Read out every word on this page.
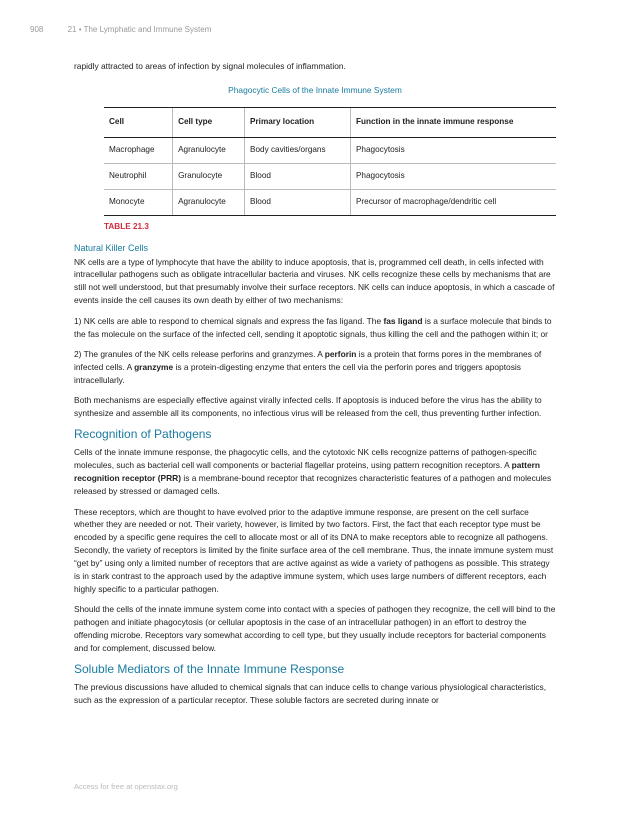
908	21 • The Lymphatic and Immune System

rapidly attracted to areas of infection by signal molecules of inflammation.

Phagocytic Cells of the Innate Immune System
Cell	Cell type	Primary location	Function in the innate immune response
Macrophage	Agranulocyte	Body cavities/organs	Phagocytosis
Neutrophil	Granulocyte	Blood	Phagocytosis
Monocyte	Agranulocyte	Blood	Precursor of macrophage/dendritic cell
TABLE 21.3
Natural Killer Cells

NK cells are a type of lymphocyte that have the ability to induce apoptosis, that is, programmed cell death, in cells infected with intracellular pathogens such as obligate intracellular bacteria and viruses. NK cells recognize these cells by mechanisms that are still not well understood, but that presumably involve their surface receptors. NK cells can induce apoptosis, in which a cascade of events inside the cell causes its own death by either of two mechanisms:

1) NK cells are able to respond to chemical signals and express the fas ligand. The fas ligand is a surface molecule that binds to the fas molecule on the surface of the infected cell, sending it apoptotic signals, thus killing the cell and the pathogen within it; or

2) The granules of the NK cells release perforins and granzymes. A perforin is a protein that forms pores in the membranes of infected cells. A granzyme is a protein-digesting enzyme that enters the cell via the perforin pores and triggers apoptosis intracellularly.

Both mechanisms are especially effective against virally infected cells. If apoptosis is induced before the virus has the ability to synthesize and assemble all its components, no infectious virus will be released from the cell, thus preventing further infection.

Recognition of Pathogens

Cells of the innate immune response, the phagocytic cells, and the cytotoxic NK cells recognize patterns of pathogen-specific molecules, such as bacterial cell wall components or bacterial flagellar proteins, using pattern recognition receptors. A pattern recognition receptor (PRR) is a membrane-bound receptor that recognizes characteristic features of a pathogen and molecules released by stressed or damaged cells.

These receptors, which are thought to have evolved prior to the adaptive immune response, are present on the cell surface whether they are needed or not. Their variety, however, is limited by two factors. First, the fact that each receptor type must be encoded by a specific gene requires the cell to allocate most or all of its DNA to make receptors able to recognize all pathogens. Secondly, the variety of receptors is limited by the finite surface area of the cell membrane. Thus, the innate immune system must “get by” using only a limited number of receptors that are active against as wide a variety of pathogens as possible. This strategy is in stark contrast to the approach used by the adaptive immune system, which uses large numbers of different receptors, each highly specific to a particular pathogen.

Should the cells of the innate immune system come into contact with a species of pathogen they recognize, the cell will bind to the pathogen and initiate phagocytosis (or cellular apoptosis in the case of an intracellular pathogen) in an effort to destroy the offending microbe. Receptors vary somewhat according to cell type, but they usually include receptors for bacterial components and for complement, discussed below.

Soluble Mediators of the Innate Immune Response

The previous discussions have alluded to chemical signals that can induce cells to change various physiological characteristics, such as the expression of a particular receptor. These soluble factors are secreted during innate or

Access for free at openstax.org
